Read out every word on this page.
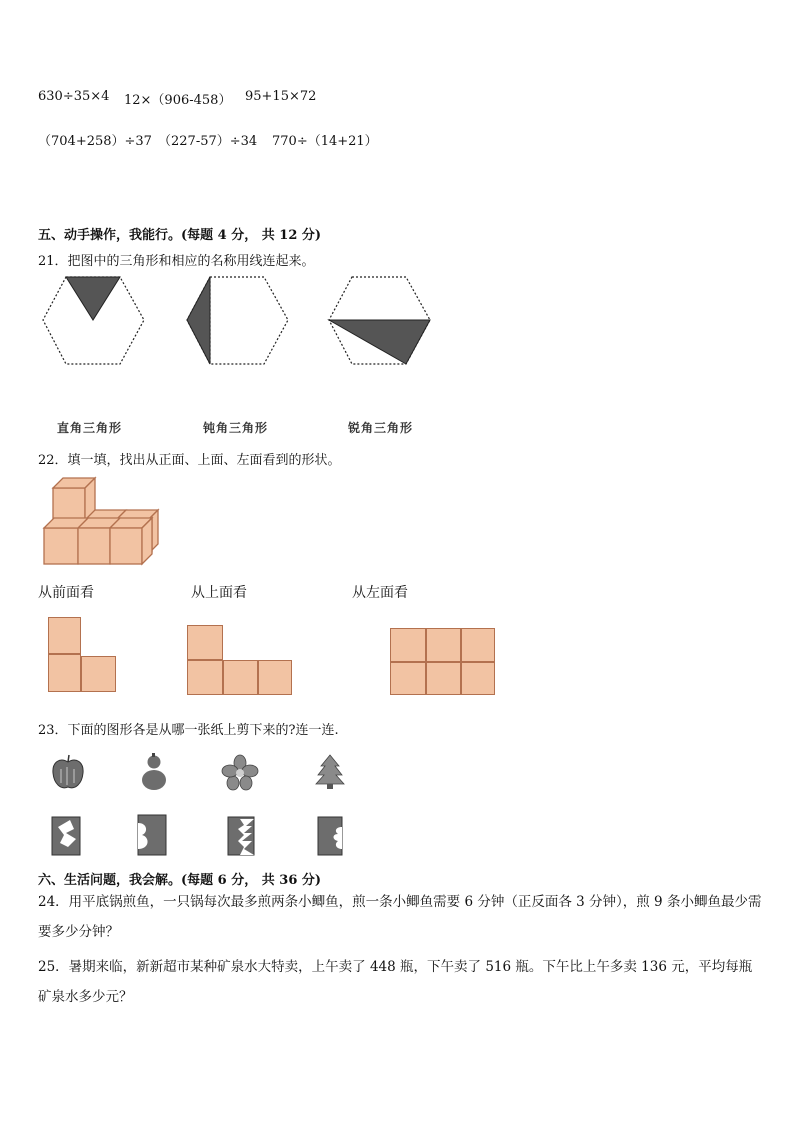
630÷35×4 12×（906-458） 95+15×72
（704+258）÷37 （227-57）÷34 770÷（14+21）
五、动手操作，我能行。(每题 4 分， 共 12 分)
21．把图中的三角形和相应的名称用线连起来。
直角三角形	钝角三角形	锐角三角形
22．填一填，找出从正面、上面、左面看到的形状。
从前面看	从上面看	从左面看
23．下面的图形各是从哪一张纸上剪下来的?连一连.
六、生活问题，我会解。(每题 6 分， 共 36 分)
24．用平底锅煎鱼，一只锅每次最多煎两条小鲫鱼，煎一条小鲫鱼需要 6 分钟（正反面各 3 分钟），煎 9 条小鲫鱼最少需要多少分钟？
25．暑期来临，新新超市某种矿泉水大特卖，上午卖了 448 瓶，下午卖了 516 瓶。下午比上午多卖 136 元，平均每瓶矿泉水多少元？
